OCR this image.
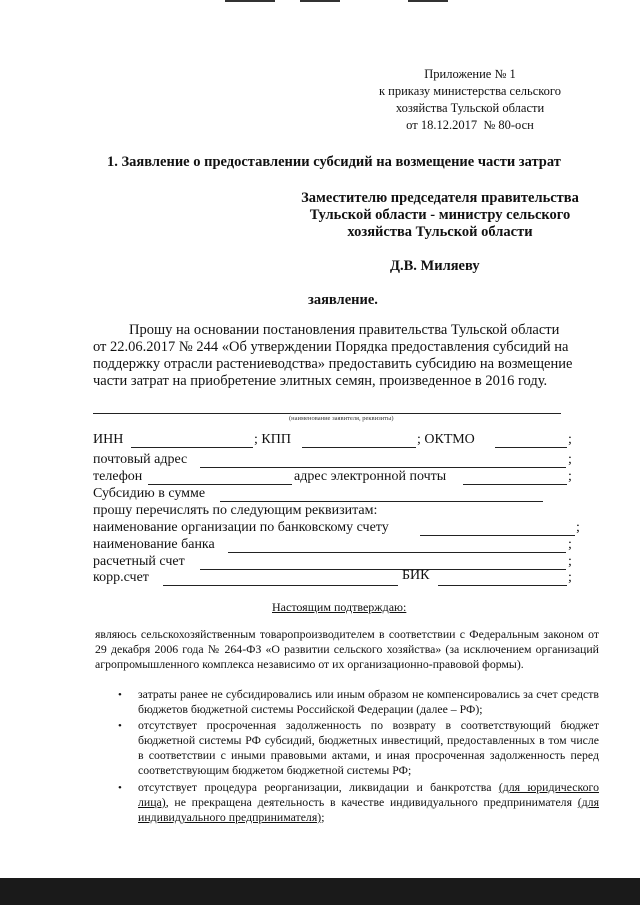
Приложение № 1
к приказу министерства сельского
хозяйства Тульской области
от 18.12.2017 № 80-осн
1. Заявление о предоставлении субсидий на возмещение части затрат
Заместителю председателя правительства
Тульской области - министру сельского
хозяйства Тульской области
Д.В. Миляеву
заявление.
Прошу на основании постановления правительства Тульской области
от 22.06.2017 № 244 «Об утверждении Порядка предоставления субсидий на
поддержку отрасли растениеводства» предоставить субсидию на возмещение
части затрат на приобретение элитных семян, произведенное в 2016 году.
(наименование заявителя, реквизиты)
ИНН	; КПП	; ОКТМО	;
почтовый адрес	;
телефон	адрес электронной почты	;
Субсидию в сумме
прошу перечислять по следующим реквизитам:
наименование организации по банковскому счету	;
наименование банка	;
расчетный счет	;
корр.счет	БИК	;
Настоящим подтверждаю:
являюсь сельскохозяйственным товаропроизводителем в соответствии с Федеральным законом от 29 декабря 2006 года № 264-ФЗ «О развитии сельского хозяйства» (за исключением организаций агропромышленного комплекса независимо от их организационно-правовой формы).
• затраты ранее не субсидировались или иным образом не компенсировались за счет средств бюджетов бюджетной системы Российской Федерации (далее – РФ);
• отсутствует просроченная задолженность по возврату в соответствующий бюджет бюджетной системы РФ субсидий, бюджетных инвестиций, предоставленных в том числе в соответствии с иными правовыми актами, и иная просроченная задолженность перед соответствующим бюджетом бюджетной системы РФ;
• отсутствует процедура реорганизации, ликвидации и банкротства (для юридического лица), не прекращена деятельность в качестве индивидуального предпринимателя (для индивидуального предпринимателя);
